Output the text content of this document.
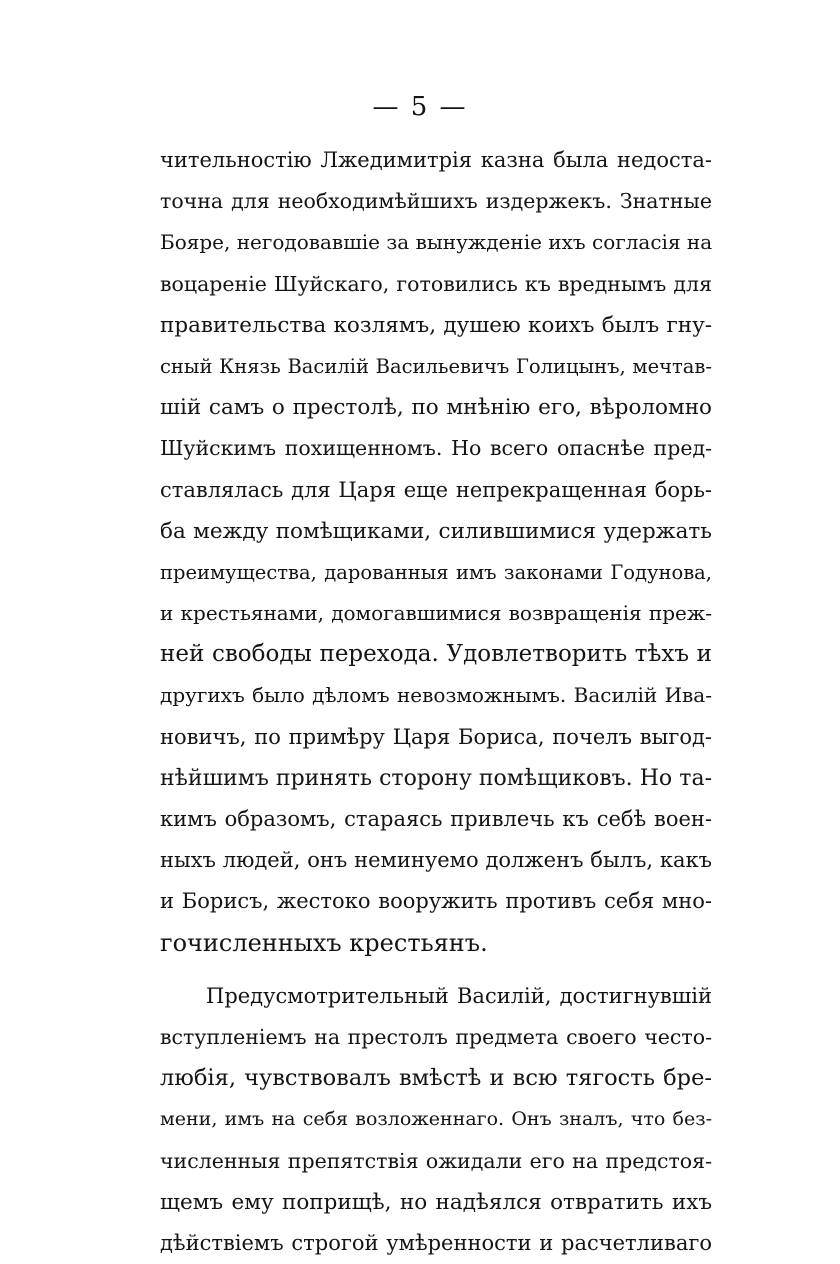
— 5 —
чительностію Лжедимитрія казна была недоста-
точна для необходимѣйшихъ издержекъ. Знатные
Бояре, негодовавшіе за вынужденіе ихъ согласія на
воцареніе Шуйскаго, готовились къ вреднымъ для
правительства козлямъ, душею коихъ былъ гну-
сный Князь Василій Васильевичъ Голицынъ, мечтав-
шій самъ о престолѣ, по мнѣнію его, вѣроломно
Шуйскимъ похищенномъ. Но всего опаснѣе пред-
ставлялась для Царя еще непрекращенная борь-
ба между помѣщиками, силившимися удержать
преимущества, дарованныя имъ законами Годунова,
и крестьянами, домогавшимися возвращенія преж-
ней свободы перехода. Удовлетворить тѣхъ и
другихъ было дѣломъ невозможнымъ. Василій Ива-
новичъ, по примѣру Царя Бориса, почелъ выгод-
нѣйшимъ принять сторону помѣщиковъ. Но та-
кимъ образомъ, стараясь привлечь къ себѣ воен-
ныхъ людей, онъ неминуемо долженъ былъ, какъ
и Борисъ, жестоко вооружить противъ себя мно-
гочисленныхъ крестьянъ.
Предусмотрительный Василій, достигнувшій
вступленіемъ на престолъ предмета своего често-
любія, чувствовалъ вмѣстѣ и всю тягость бре-
мени, имъ на себя возложеннаго. Онъ зналъ, что без-
численныя препятствія ожидали его на предстоя-
щемъ ему поприщѣ, но надѣялся отвратить ихъ
дѣйствіемъ строгой умѣренности и расчетливаго
